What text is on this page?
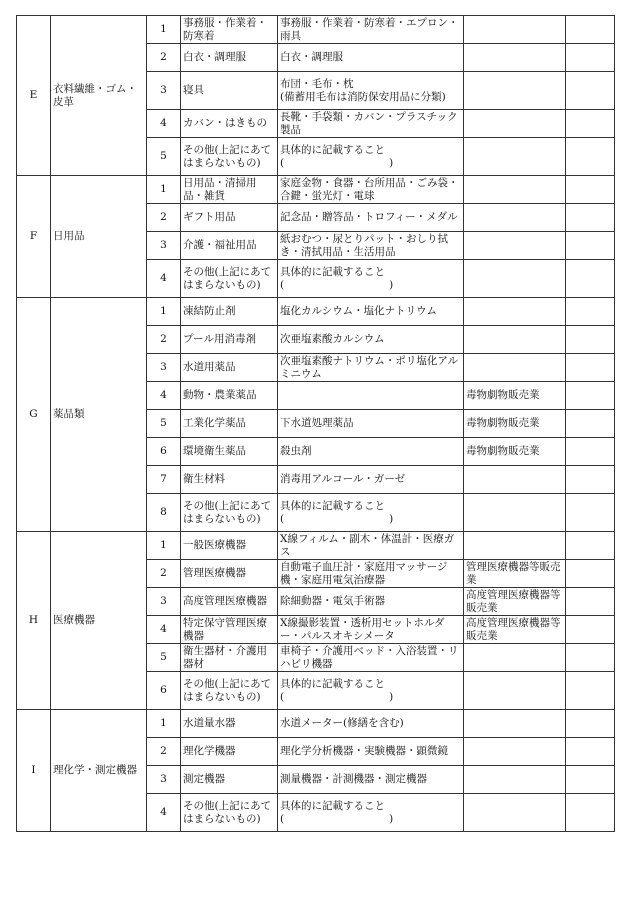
E	衣料繊維・ゴム・皮革	1	事務服・作業着・防寒着	事務服・作業着・防寒着・エプロン・雨具		
		2	白衣・調理服	白衣・調理服		
		3	寝具	布団・毛布・枕
(備蓄用毛布は消防保安用品に分類)		
		4	カバン・はきもの	長靴・手袋類・カバン・プラスチック製品		
		5	その他(上記にあてはまらないもの)	具体的に記載すること
(　　　　　　　　　　)		
F	日用品	1	日用品・清掃用品・雑貨	家庭金物・食器・台所用品・ごみ袋・合鍵・蛍光灯・電球		
		2	ギフト用品	記念品・贈答品・トロフィー・メダル		
		3	介護・福祉用品	紙おむつ・尿とりパット・おしり拭き・清拭用品・生活用品		
		4	その他(上記にあてはまらないもの)	具体的に記載すること
(　　　　　　　　　　)		
G	薬品類	1	凍結防止剤	塩化カルシウム・塩化ナトリウム		
		2	プール用消毒剤	次亜塩素酸カルシウム		
		3	水道用薬品	次亜塩素酸ナトリウム・ポリ塩化アルミニウム		
		4	動物・農業薬品		毒物劇物販売業	
		5	工業化学薬品	下水道処理薬品	毒物劇物販売業	
		6	環境衛生薬品	殺虫剤	毒物劇物販売業	
		7	衛生材料	消毒用アルコール・ガーゼ		
		8	その他(上記にあてはまらないもの)	具体的に記載すること
(　　　　　　　　　　)		
H	医療機器	1	一般医療機器	X線フィルム・副木・体温計・医療ガス		
		2	管理医療機器	自動電子血圧計・家庭用マッサージ機・家庭用電気治療器	管理医療機器等販売業	
		3	高度管理医療機器	除細動器・電気手術器	高度管理医療機器等販売業	
		4	特定保守管理医療機器	X線撮影装置・透析用セットホルダー・パルスオキシメータ	高度管理医療機器等販売業	
		5	衛生器材・介護用器材	車椅子・介護用ベッド・入浴装置・リハビリ機器		
		6	その他(上記にあてはまらないもの)	具体的に記載すること
(　　　　　　　　　　)		
I	理化学・測定機器	1	水道量水器	水道メーター(修繕を含む)		
		2	理化学機器	理化学分析機器・実験機器・顕微鏡		
		3	測定機器	測量機器・計測機器・測定機器		
		4	その他(上記にあてはまらないもの)	具体的に記載すること
(　　　　　　　　　　)		
